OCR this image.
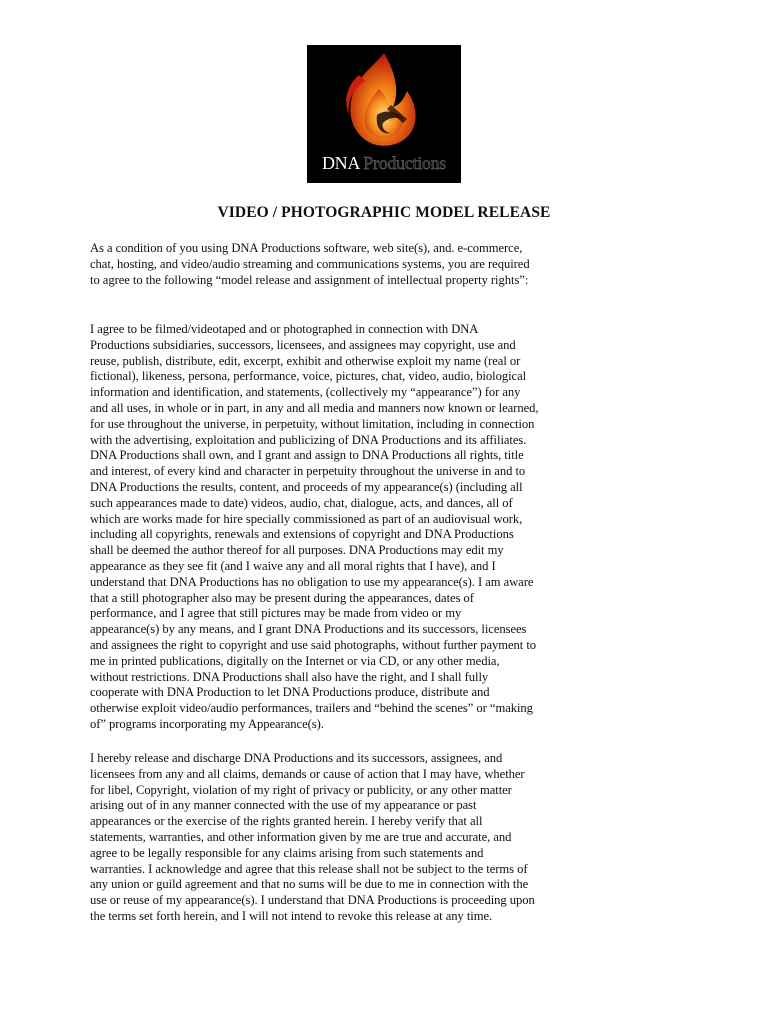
DNA Productions
VIDEO / PHOTOGRAPHIC MODEL RELEASE

As a condition of you using DNA Productions software, web site(s), and. e-commerce,
chat, hosting, and video/audio streaming and communications systems, you are required
to agree to the following “model release and assignment of intellectual property rights”:

I agree to be filmed/videotaped and or photographed in connection with DNA
Productions subsidiaries, successors, licensees, and assignees may copyright, use and
reuse, publish, distribute, edit, excerpt, exhibit and otherwise exploit my name (real or
fictional), likeness, persona, performance, voice, pictures, chat, video, audio, biological
information and identification, and statements, (collectively my “appearance”) for any
and all uses, in whole or in part, in any and all media and manners now known or learned,
for use throughout the universe, in perpetuity, without limitation, including in connection
with the advertising, exploitation and publicizing of DNA Productions and its affiliates.
DNA Productions shall own, and I grant and assign to DNA Productions all rights, title
and interest, of every kind and character in perpetuity throughout the universe in and to
DNA Productions the results, content, and proceeds of my appearance(s) (including all
such appearances made to date) videos, audio, chat, dialogue, acts, and dances, all of
which are works made for hire specially commissioned as part of an audiovisual work,
including all copyrights, renewals and extensions of copyright and DNA Productions
shall be deemed the author thereof for all purposes. DNA Productions may edit my
appearance as they see fit (and I waive any and all moral rights that I have), and I
understand that DNA Productions has no obligation to use my appearance(s). I am aware
that a still photographer also may be present during the appearances, dates of
performance, and I agree that still pictures may be made from video or my
appearance(s) by any means, and I grant DNA Productions and its successors, licensees
and assignees the right to copyright and use said photographs, without further payment to
me in printed publications, digitally on the Internet or via CD, or any other media,
without restrictions. DNA Productions shall also have the right, and I shall fully
cooperate with DNA Production to let DNA Productions produce, distribute and
otherwise exploit video/audio performances, trailers and “behind the scenes” or “making
of” programs incorporating my Appearance(s).

I hereby release and discharge DNA Productions and its successors, assignees, and
licensees from any and all claims, demands or cause of action that I may have, whether
for libel, Copyright, violation of my right of privacy or publicity, or any other matter
arising out of in any manner connected with the use of my appearance or past
appearances or the exercise of the rights granted herein. I hereby verify that all
statements, warranties, and other information given by me are true and accurate, and
agree to be legally responsible for any claims arising from such statements and
warranties. I acknowledge and agree that this release shall not be subject to the terms of
any union or guild agreement and that no sums will be due to me in connection with the
use or reuse of my appearance(s). I understand that DNA Productions is proceeding upon
the terms set forth herein, and I will not intend to revoke this release at any time.
